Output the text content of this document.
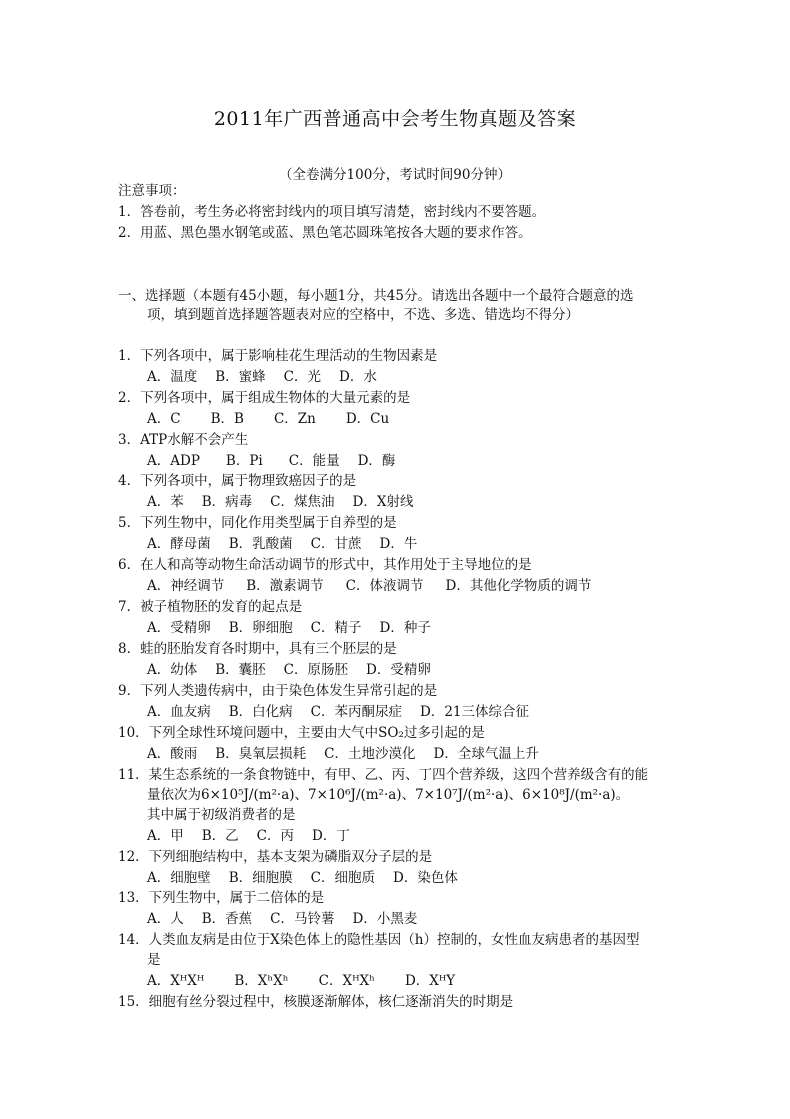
2011年广西普通高中会考生物真题及答案
（全卷满分100分，考试时间90分钟）
注意事项：
1．答卷前，考生务必将密封线内的项目填写清楚，密封线内不要答题。
2．用蓝、黑色墨水钢笔或蓝、黑色笔芯圆珠笔按各大题的要求作答。
一、选择题（本题有45小题，每小题1分，共45分。请选出各题中一个最符合题意的选
项，填到题首选择题答题表对应的空格中，不选、多选、错选均不得分）
1．下列各项中，属于影响桂花生理活动的生物因素是
A．温度 B．蜜蜂 C．光 D．水
2．下列各项中，属于组成生物体的大量元素的是
A．C B．B C．Zn D．Cu
3．ATP水解不会产生
A．ADP B．Pi C．能量 D．酶
4．下列各项中，属于物理致癌因子的是
A．苯 B．病毒 C．煤焦油 D．X射线
5．下列生物中，同化作用类型属于自养型的是
A．酵母菌 B．乳酸菌 C．甘蔗 D．牛
6．在人和高等动物生命活动调节的形式中，其作用处于主导地位的是
A．神经调节 B．激素调节 C．体液调节 D．其他化学物质的调节
7．被子植物胚的发育的起点是
A．受精卵 B．卵细胞 C．精子 D．种子
8．蛙的胚胎发育各时期中，具有三个胚层的是
A．幼体 B．囊胚 C．原肠胚 D．受精卵
9．下列人类遗传病中，由于染色体发生异常引起的是
A．血友病 B．白化病 C．苯丙酮尿症 D．21三体综合征
10．下列全球性环境问题中，主要由大气中SO₂过多引起的是
A．酸雨 B．臭氧层损耗 C．土地沙漠化 D．全球气温上升
11．某生态系统的一条食物链中，有甲、乙、丙、丁四个营养级，这四个营养级含有的能
量依次为6×10⁵J/(m²·a)、7×10⁶J/(m²·a)、7×10⁷J/(m²·a)、6×10⁸J/(m²·a)。
其中属于初级消费者的是
A．甲 B．乙 C．丙 D．丁
12．下列细胞结构中，基本支架为磷脂双分子层的是
A．细胞壁 B．细胞膜 C．细胞质 D．染色体
13．下列生物中，属于二倍体的是
A．人 B．香蕉 C．马铃薯 D．小黑麦
14．人类血友病是由位于X染色体上的隐性基因（h）控制的，女性血友病患者的基因型
是
A．XᴴXᴴ B．XʰXʰ C．XᴴXʰ D．XᴴY
15．细胞有丝分裂过程中，核膜逐渐解体，核仁逐渐消失的时期是
